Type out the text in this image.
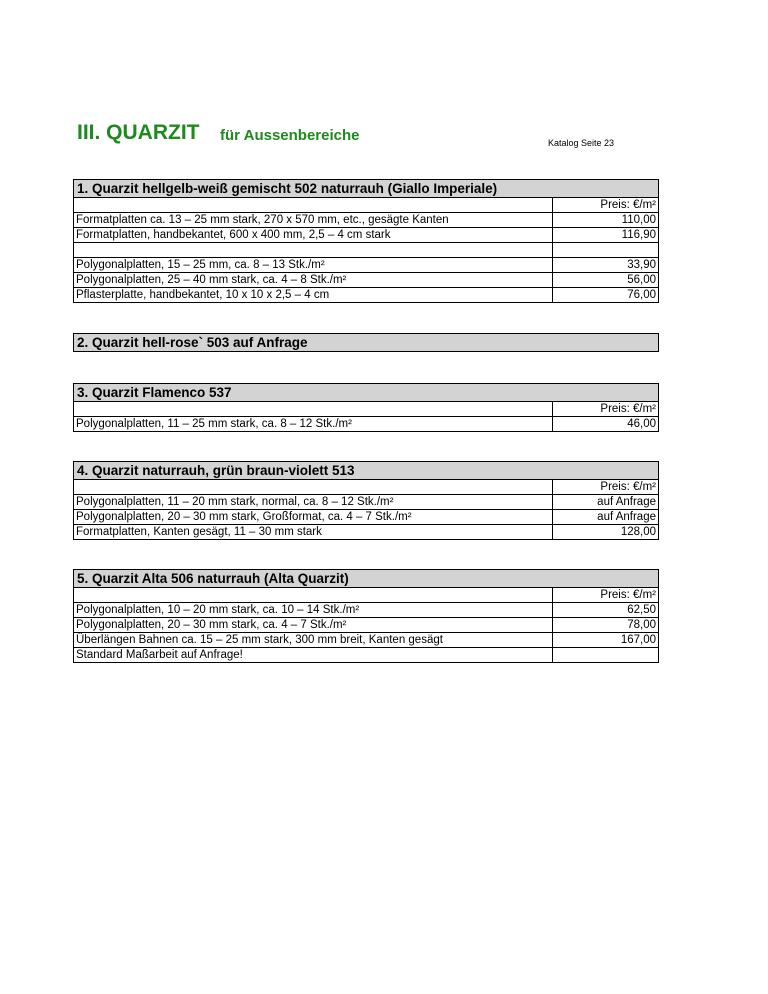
III. QUARZIT für Aussenbereiche	Katalog Seite 23
1. Quarzit hellgelb-weiß gemischt 502 naturrauh (Giallo Imperiale)	
	Preis: €/m²
Formatplatten ca. 13 – 25 mm stark, 270 x 570 mm, etc., gesägte Kanten	110,00
Formatplatten, handbekantet, 600 x 400 mm, 2,5 – 4 cm stark	116,90

Polygonalplatten, 15 – 25 mm, ca. 8 – 13 Stk./m²	33,90
Polygonalplatten, 25 – 40 mm stark, ca. 4 – 8 Stk./m²	56,00
Pflasterplatte, handbekantet, 10 x 10 x 2,5 – 4 cm	76,00
2. Quarzit hell-rose` 503 auf Anfrage
3. Quarzit Flamenco 537	
	Preis: €/m²
Polygonalplatten, 11 – 25 mm stark, ca. 8 – 12 Stk./m²	46,00
4. Quarzit naturrauh, grün braun-violett 513	
	Preis: €/m²
Polygonalplatten, 11 – 20 mm stark, normal, ca. 8 – 12 Stk./m²	auf Anfrage
Polygonalplatten, 20 – 30 mm stark, Großformat, ca. 4 – 7 Stk./m²	auf Anfrage
Formatplatten, Kanten gesägt, 11 – 30 mm stark	128,00
5. Quarzit Alta 506 naturrauh (Alta Quarzit)	
	Preis: €/m²
Polygonalplatten, 10 – 20 mm stark, ca. 10 – 14 Stk./m²	62,50
Polygonalplatten, 20 – 30 mm stark, ca. 4 – 7 Stk./m²	78,00
Überlängen Bahnen ca. 15 – 25 mm stark, 300 mm breit, Kanten gesägt	167,00
Standard Maßarbeit auf Anfrage!	
